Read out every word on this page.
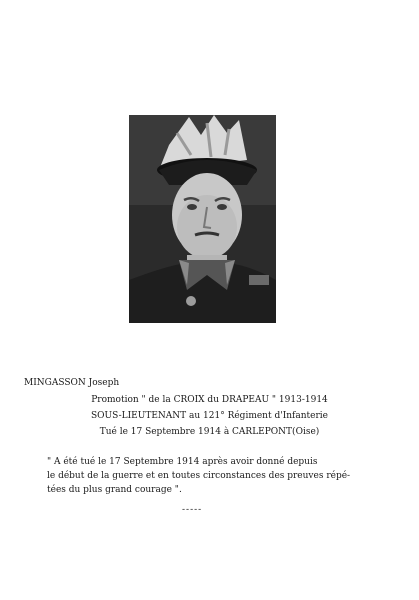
MINGASSON Joseph
Promotion " de la CROIX du DRAPEAU " 1913-1914
SOUS-LIEUTENANT au 121° Régiment d'Infanterie
Tué le 17 Septembre 1914 à CARLEPONT(Oise)
" A été tué le 17 Septembre 1914 après avoir donné depuis
le début de la guerre et en toutes circonstances des preuves répé-
tées du plus grand courage ".
-----
